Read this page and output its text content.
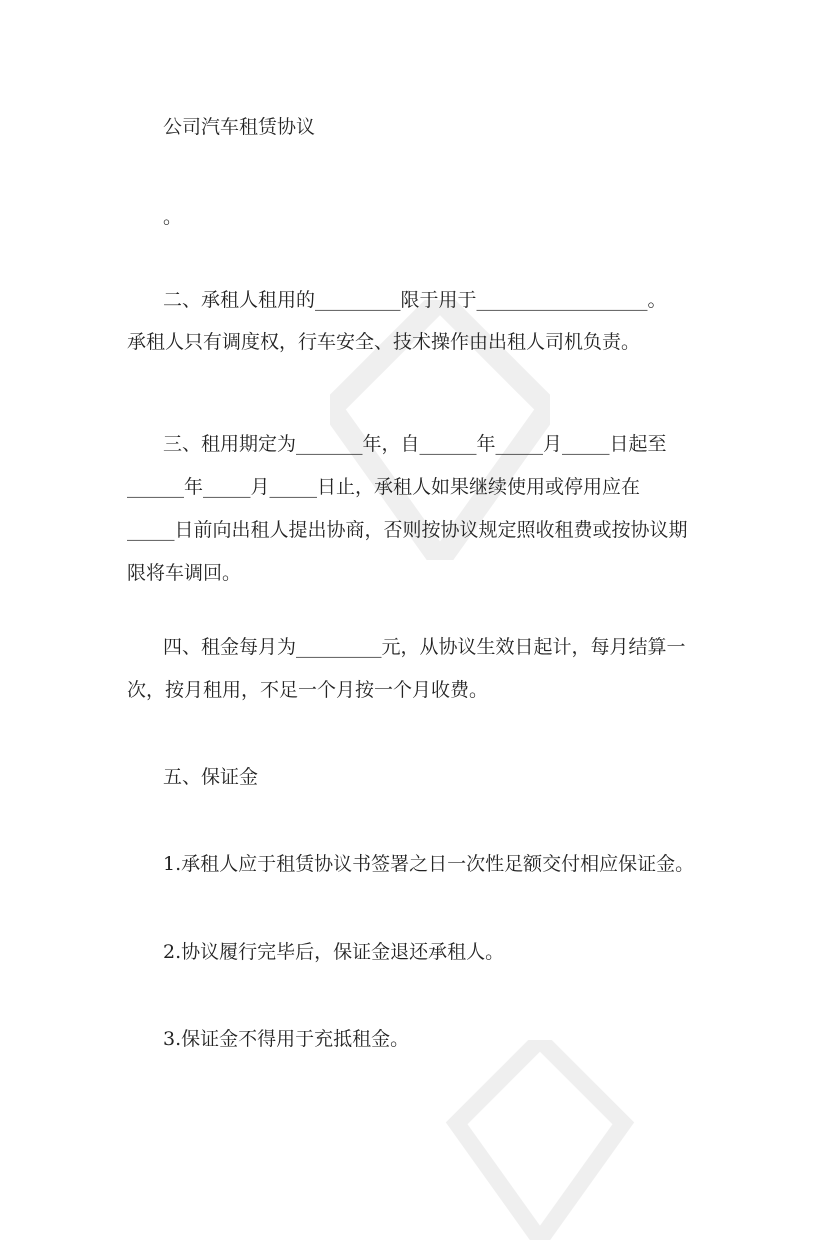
公司汽车租赁协议
。
二、承租人租用的_________限于用于__________________。
承租人只有调度权，行车安全、技术操作由出租人司机负责。
三、租用期定为_______年，自______年_____月_____日起至
______年_____月_____日止，承租人如果继续使用或停用应在
_____日前向出租人提出协商，否则按协议规定照收租费或按协议期
限将车调回。
四、租金每月为_________元，从协议生效日起计，每月结算一
次，按月租用，不足一个月按一个月收费。
五、保证金
1.承租人应于租赁协议书签署之日一次性足额交付相应保证金。
2.协议履行完毕后，保证金退还承租人。
3.保证金不得用于充抵租金。
